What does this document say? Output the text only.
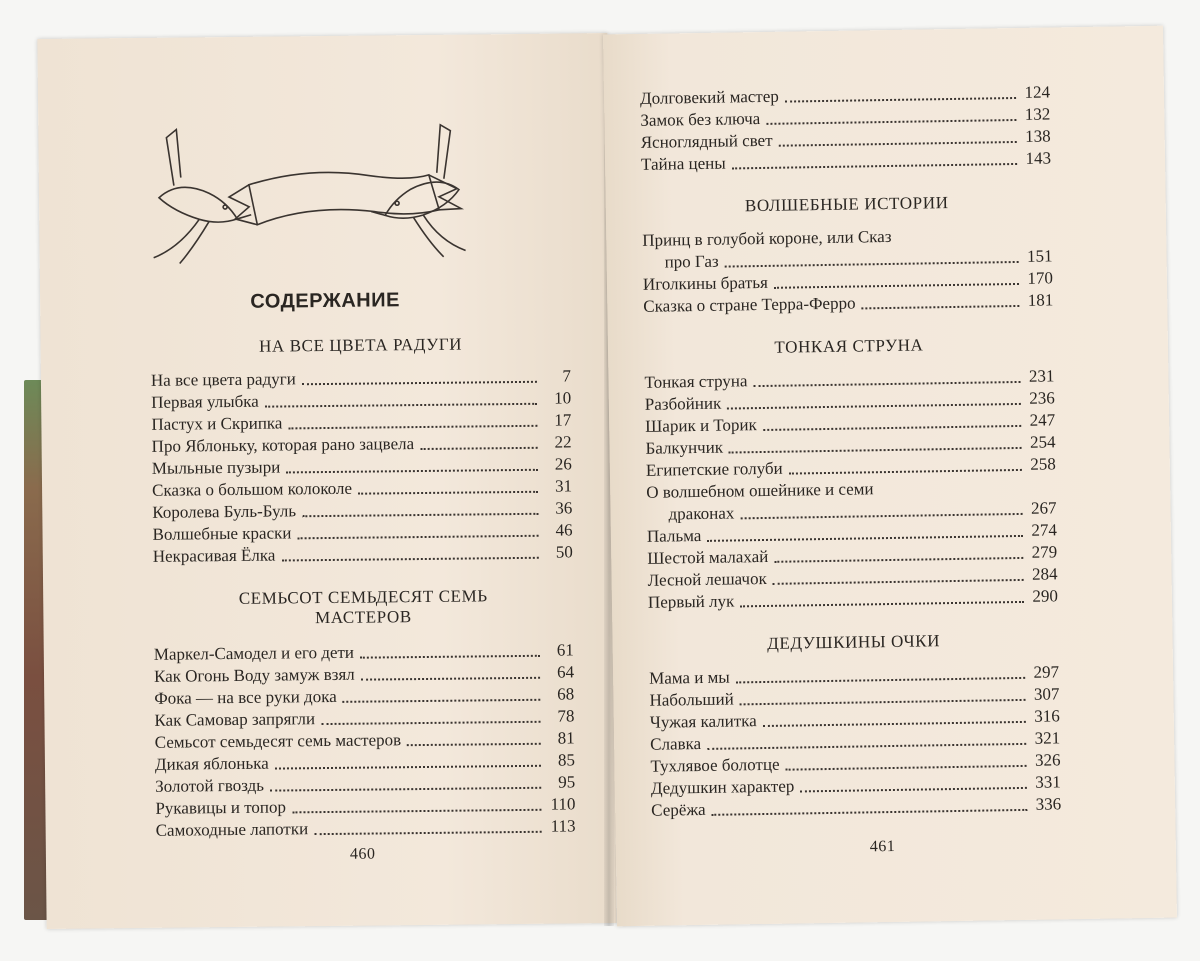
СОДЕРЖАНИЕ
НА ВСЕ ЦВЕТА РАДУГИ
На все цвета радуги	7
Первая улыбка	10
Пастух и Скрипка	17
Про Яблоньку, которая рано зацвела	22
Мыльные пузыри	26
Сказка о большом колоколе	31
Королева Буль-Буль	36
Волшебные краски	46
Некрасивая Ёлка	50
СЕМЬСОТ СЕМЬДЕСЯТ СЕМЬ
МАСТЕРОВ
Маркел-Самодел и его дети	61
Как Огонь Воду замуж взял	64
Фока — на все руки дока	68
Как Самовар запрягли	78
Семьсот семьдесят семь мастеров	81
Дикая яблонька	85
Золотой гвоздь	95
Рукавицы и топор	110
Самоходные лапотки	113
460
Долговекий мастер	124
Замок без ключа	132
Ясноглядный свет	138
Тайна цены	143
ВОЛШЕБНЫЕ ИСТОРИИ
Принц в голубой короне, или Сказ
про Газ	151
Иголкины братья	170
Сказка о стране Терра-Ферро	181
ТОНКАЯ СТРУНА
Тонкая струна	231
Разбойник	236
Шарик и Торик	247
Балкунчик	254
Египетские голуби	258
О волшебном ошейнике и семи
драконах	267
Пальма	274
Шестой малахай	279
Лесной лешачок	284
Первый лук	290
ДЕДУШКИНЫ ОЧКИ
Мама и мы	297
Набольший	307
Чужая калитка	316
Славка	321
Тухлявое болотце	326
Дедушкин характер	331
Серёжа	336
461
